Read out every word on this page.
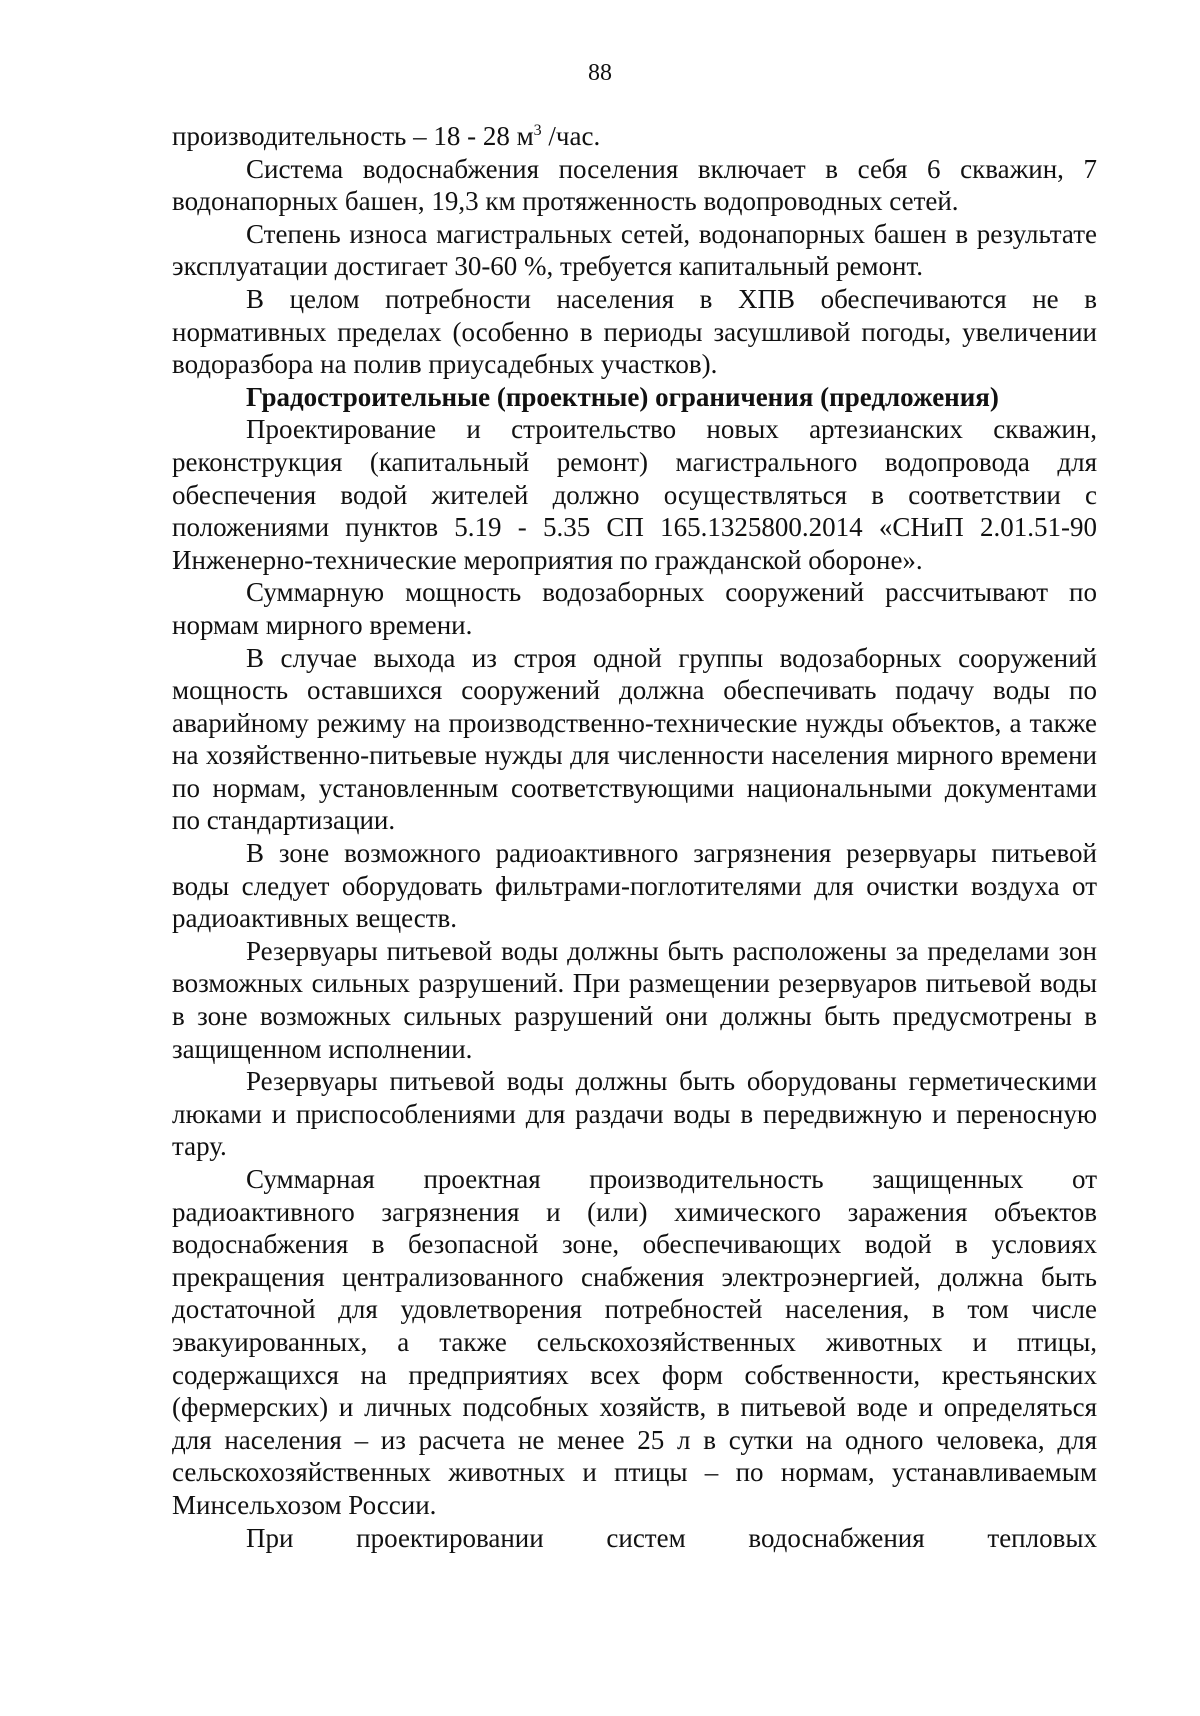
88

производительность – 18 - 28 $м^3$ /час.

Система водоснабжения поселения включает в себя 6 скважин, 7 водонапорных башен, 19,3 км протяженность водопроводных сетей.

Степень износа магистральных сетей, водонапорных башен в результате эксплуатации достигает 30-60 %, требуется капитальный ремонт.

В целом потребности населения в ХПВ обеспечиваются не в нормативных пределах (особенно в периоды засушливой погоды, увеличении водоразбора на полив приусадебных участков).

Градостроительные (проектные) ограничения (предложения)

Проектирование и строительство новых артезианских скважин, реконструкция (капитальный ремонт) магистрального водопровода для обеспечения водой жителей должно осуществляться в соответствии с положениями пунктов 5.19 - 5.35 СП 165.1325800.2014 «СНиП 2.01.51-90 Инженерно-технические мероприятия по гражданской обороне».

Суммарную мощность водозаборных сооружений рассчитывают по нормам мирного времени.

В случае выхода из строя одной группы водозаборных сооружений мощность оставшихся сооружений должна обеспечивать подачу воды по аварийному режиму на производственно-технические нужды объектов, а также на хозяйственно-питьевые нужды для численности населения мирного времени по нормам, установленным соответствующими национальными документами по стандартизации.

В зоне возможного радиоактивного загрязнения резервуары питьевой воды следует оборудовать фильтрами-поглотителями для очистки воздуха от радиоактивных веществ.

Резервуары питьевой воды должны быть расположены за пределами зон возможных сильных разрушений. При размещении резервуаров питьевой воды в зоне возможных сильных разрушений они должны быть предусмотрены в защищенном исполнении.

Резервуары питьевой воды должны быть оборудованы герметическими люками и приспособлениями для раздачи воды в передвижную и переносную тару.

Суммарная проектная производительность защищенных от радиоактивного загрязнения и (или) химического заражения объектов водоснабжения в безопасной зоне, обеспечивающих водой в условиях прекращения централизованного снабжения электроэнергией, должна быть достаточной для удовлетворения потребностей населения, в том числе эвакуированных, а также сельскохозяйственных животных и птицы, содержащихся на предприятиях всех форм собственности, крестьянских (фермерских) и личных подсобных хозяйств, в питьевой воде и определяться для населения – из расчета не менее 25 л в сутки на одного человека, для сельскохозяйственных животных и птицы – по нормам, устанавливаемым Минсельхозом России.

При проектировании систем водоснабжения тепловых
